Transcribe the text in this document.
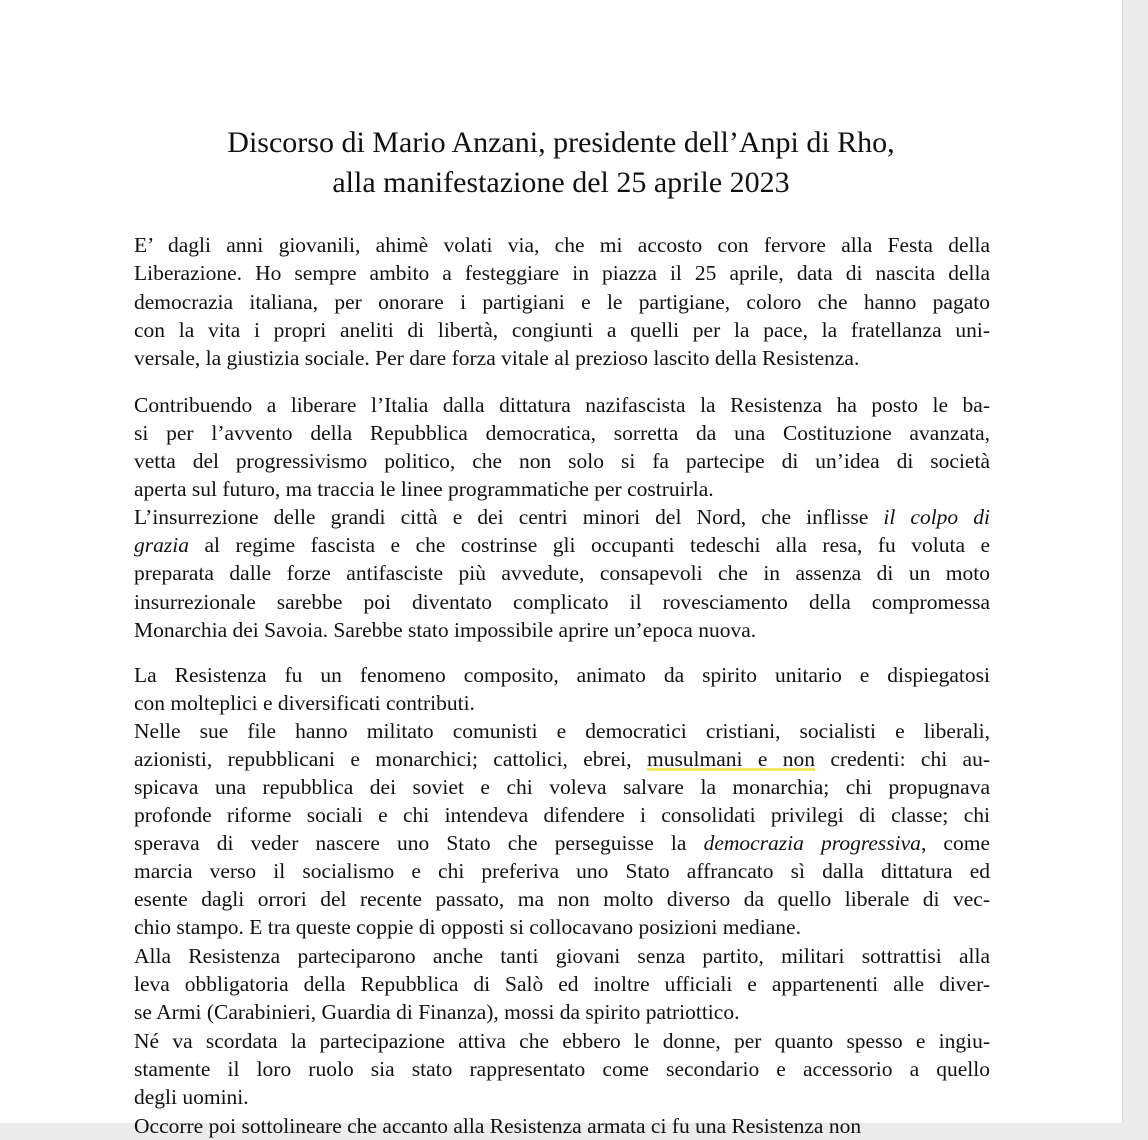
Discorso di Mario Anzani, presidente dell’Anpi di Rho,
alla manifestazione del 25 aprile 2023
E’ dagli anni giovanili, ahimè volati via, che mi accosto con fervore alla Festa della
Liberazione. Ho sempre ambito a festeggiare in piazza il 25 aprile, data di nascita della
democrazia italiana, per onorare i partigiani e le partigiane, coloro che hanno pagato
con la vita i propri aneliti di libertà, congiunti a quelli per la pace, la fratellanza uni-
versale, la giustizia sociale. Per dare forza vitale al prezioso lascito della Resistenza.
Contribuendo a liberare l’Italia dalla dittatura nazifascista la Resistenza ha posto le ba-
si per l’avvento della Repubblica democratica, sorretta da una Costituzione avanzata,
vetta del progressivismo politico, che non solo si fa partecipe di un’idea di società
aperta sul futuro, ma traccia le linee programmatiche per costruirla.
L’insurrezione delle grandi città e dei centri minori del Nord, che inflisse il colpo di
grazia al regime fascista e che costrinse gli occupanti tedeschi alla resa, fu voluta e
preparata dalle forze antifasciste più avvedute, consapevoli che in assenza di un moto
insurrezionale sarebbe poi diventato complicato il rovesciamento della compromessa
Monarchia dei Savoia. Sarebbe stato impossibile aprire un’epoca nuova.
La Resistenza fu un fenomeno composito, animato da spirito unitario e dispiegatosi
con molteplici e diversificati contributi.
Nelle sue file hanno militato comunisti e democratici cristiani, socialisti e liberali,
azionisti, repubblicani e monarchici; cattolici, ebrei, musulmani e non credenti: chi au-
spicava una repubblica dei soviet e chi voleva salvare la monarchia; chi propugnava
profonde riforme sociali e chi intendeva difendere i consolidati privilegi di classe; chi
sperava di veder nascere uno Stato che perseguisse la democrazia progressiva, come
marcia verso il socialismo e chi preferiva uno Stato affrancato sì dalla dittatura ed
esente dagli orrori del recente passato, ma non molto diverso da quello liberale di vec-
chio stampo. E tra queste coppie di opposti si collocavano posizioni mediane.
Alla Resistenza parteciparono anche tanti giovani senza partito, militari sottrattisi alla
leva obbligatoria della Repubblica di Salò ed inoltre ufficiali e appartenenti alle diver-
se Armi (Carabinieri, Guardia di Finanza), mossi da spirito patriottico.
Né va scordata la partecipazione attiva che ebbero le donne, per quanto spesso e ingiu-
stamente il loro ruolo sia stato rappresentato come secondario e accessorio a quello
degli uomini.
Occorre poi sottolineare che accanto alla Resistenza armata ci fu una Resistenza non
